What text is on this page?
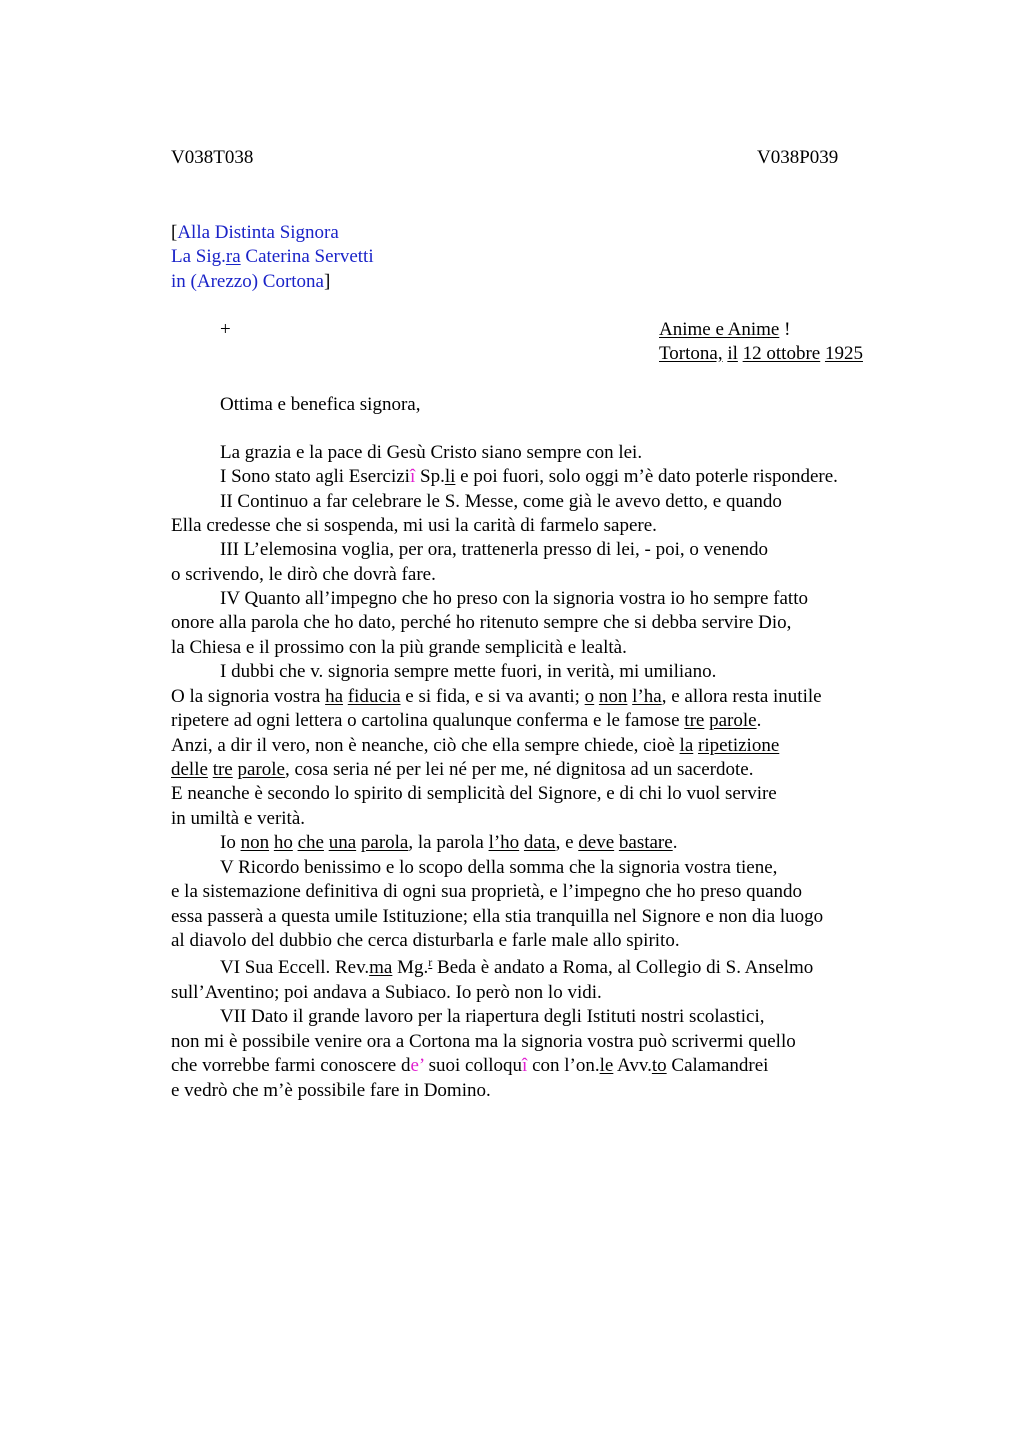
V038T038	V038P039
[Alla Distinta Signora
La Sig.ra Caterina Servetti
in (Arezzo) Cortona]
+	Anime e Anime !
Tortona, il 12 ottobre 1925
Ottima e benefica signora,
La grazia e la pace di Gesù Cristo siano sempre con lei.
I Sono stato agli Eserciziî Sp.li e poi fuori, solo oggi m’è dato poterle rispondere.
II Continuo a far celebrare le S. Messe, come già le avevo detto, e quando
Ella credesse che si sospenda, mi usi la carità di farmelo sapere.
III L’elemosina voglia, per ora, trattenerla presso di lei, - poi, o venendo
o scrivendo, le dirò che dovrà fare.
IV Quanto all’impegno che ho preso con la signoria vostra io ho sempre fatto
onore alla parola che ho dato, perché ho ritenuto sempre che si debba servire Dio,
la Chiesa e il prossimo con la più grande semplicità e lealtà.
I dubbi che v. signoria sempre mette fuori, in verità, mi umiliano.
O la signoria vostra ha fiducia e si fida, e si va avanti; o non l’ha, e allora resta inutile
ripetere ad ogni lettera o cartolina qualunque conferma e le famose tre parole.
Anzi, a dir il vero, non è neanche, ciò che ella sempre chiede, cioè la ripetizione
delle tre parole, cosa seria né per lei né per me, né dignitosa ad un sacerdote.
E neanche è secondo lo spirito di semplicità del Signore, e di chi lo vuol servire
in umiltà e verità.
Io non ho che una parola, la parola l’ho data, e deve bastare.
V Ricordo benissimo e lo scopo della somma che la signoria vostra tiene,
e la sistemazione definitiva di ogni sua proprietà, e l’impegno che ho preso quando
essa passerà a questa umile Istituzione; ella stia tranquilla nel Signore e non dia luogo
al diavolo del dubbio che cerca disturbarla e farle male allo spirito.
VI Sua Eccell. Rev.ma Mg.$^r$ Beda è andato a Roma, al Collegio di S. Anselmo
sull’Aventino; poi andava a Subiaco. Io però non lo vidi.
VII Dato il grande lavoro per la riapertura degli Istituti nostri scolastici,
non mi è possibile venire ora a Cortona ma la signoria vostra può scrivermi quello
che vorrebbe farmi conoscere de’ suoi colloquî con l’on.le Avv.to Calamandrei
e vedrò che m’è possibile fare in Domino.
